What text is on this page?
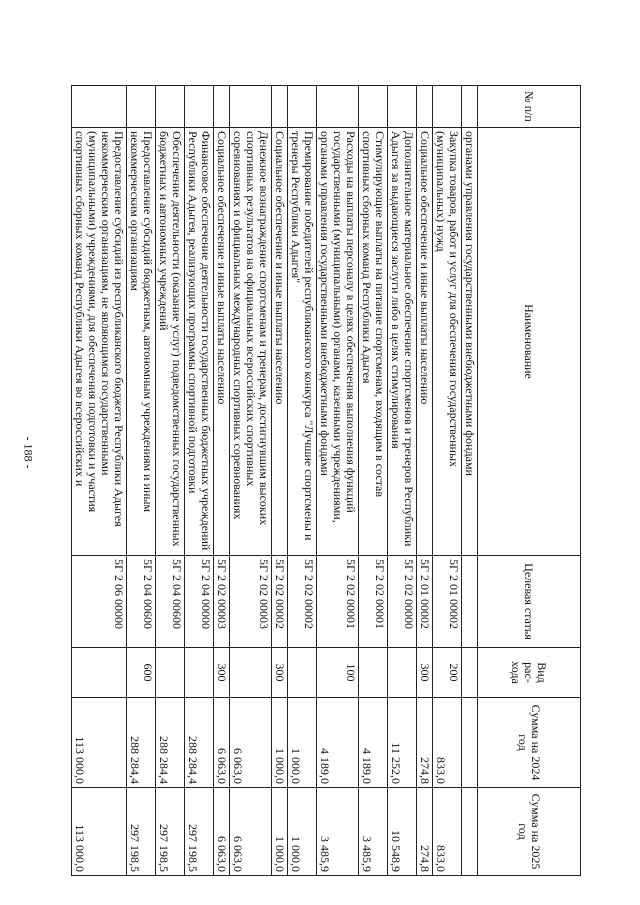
- 188 -
№ п/п	Наименование	Целевая статья	Вид рас- хода	Сумма на 2024 год	Сумма на 2025 год
	органами управления государственными внебюджетными фондами				
	Закупка товаров, работ и услуг для обеспечения государственных (муниципальных) нужд	5Г 2 01 00002	200	833,0	833,0
	Социальное обеспечение и иные выплаты населению	5Г 2 01 00002	300	274,8	274,8
	Дополнительное материальное обеспечение спортсменов и тренеров Республики Адыгея за выдающиеся заслуги либо в целях стимулирования	5Г 2 02 00000		11 252,0	10 548,9
	Стимулирующие выплаты на питание спортсменам, входящим в состав спортивных сборных команд Республики Адыгея	5Г 2 02 00001		4 189,0	3 485,9
	Расходы на выплаты персоналу в целях обеспечения выполнения функций государственными (муниципальными) органами, казенными учреждениями, органами управления государственными внебюджетными фондами	5Г 2 02 00001	100	4 189,0	3 485,9
	Премирование победителей республиканского конкурса "Лучшие спортсмены и тренеры Республики Адыгея"	5Г 2 02 00002		1 000,0	1 000,0
	Социальное обеспечение и иные выплаты населению	5Г 2 02 00002	300	1 000,0	1 000,0
	Денежное вознаграждение спортсменам и тренерам, достигнувшим высоких спортивных результатов на официальных всероссийских спортивных соревнованиях и официальных международных спортивных соревнованиях	5Г 2 02 00003		6 063,0	6 063,0
	Социальное обеспечение и иные выплаты населению	5Г 2 02 00003	300	6 063,0	6 063,0
	Финансовое обеспечение деятельности государственных бюджетных учреждений Республики Адыгея, реализующих программы спортивной подготовки	5Г 2 04 00000		288 284,4	297 198,5
	Обеспечение деятельности (оказание услуг) подведомственных государственных бюджетных и автономных учреждений	5Г 2 04 00600		288 284,4	297 198,5
	Предоставление субсидий бюджетным, автономным учреждениям и иным некоммерческим организациям	5Г 2 04 00600	600	288 284,4	297 198,5
	Предоставление субсидий из республиканского бюджета Республики Адыгея некоммерческим организациям, не являющимся государственными (муниципальными) учреждениями, для обеспечения подготовки и участия спортивных сборных команд Республики Адыгея во всероссийских и	5Г 2 06 00000		113 000,0	113 000,0
